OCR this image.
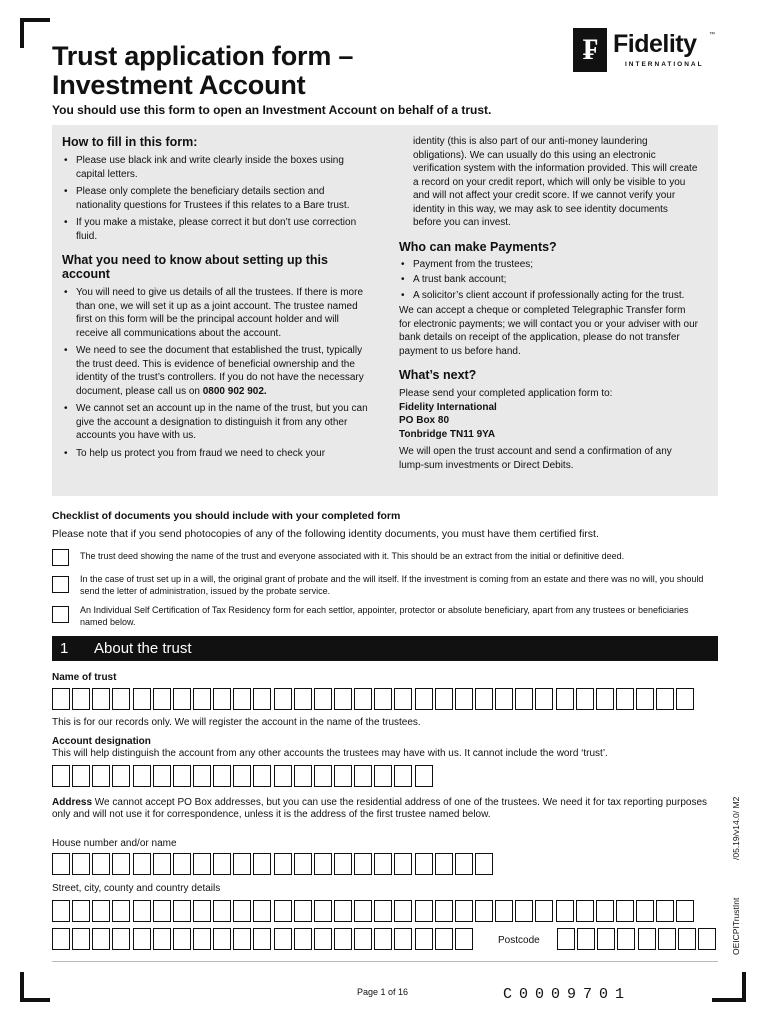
Trust application form –
Investment Account
You should use this form to open an Investment Account on behalf of a trust.
₣ Fidelity ™
INTERNATIONAL
How to fill in this form:
• Please use black ink and write clearly inside the boxes using capital letters.
• Please only complete the beneficiary details section and nationality questions for Trustees if this relates to a Bare trust.
• If you make a mistake, please correct it but don’t use correction fluid.
What you need to know about setting up this account
• You will need to give us details of all the trustees. If there is more than one, we will set it up as a joint account. The trustee named first on this form will be the principal account holder and will receive all communications about the account.
• We need to see the document that established the trust, typically the trust deed. This is evidence of beneficial ownership and the identity of the trust’s controllers. If you do not have the necessary document, please call us on 0800 902 902.
• We cannot set an account up in the name of the trust, but you can give the account a designation to distinguish it from any other accounts you have with us.
• To help us protect you from fraud we need to check your

identity (this is also part of our anti-money laundering obligations). We can usually do this using an electronic verification system with the information provided. This will create a record on your credit report, which will only be visible to you and will not affect your credit score. If we cannot verify your identity in this way, we may ask to see identity documents before you can invest.

Who can make Payments?
• Payment from the trustees;
• A trust bank account;
• A solicitor’s client account if professionally acting for the trust.

We can accept a cheque or completed Telegraphic Transfer form for electronic payments; we will contact you or your adviser with our bank details on receipt of the application, please do not transfer payment to us before hand.

What’s next?

Please send your completed application form to:

Fidelity International

PO Box 80

Tonbridge TN11 9YA

We will open the trust account and send a confirmation of any lump-sum investments or Direct Debits.

Checklist of documents you should include with your completed form
Please note that if you send photocopies of any of the following identity documents, you must have them certified first.
The trust deed showing the name of the trust and everyone associated with it. This should be an extract from the initial or definitive deed.
In the case of trust set up in a will, the original grant of probate and the will itself. If the investment is coming from an estate and there was no will, you should send the letter of administration, issued by the probate service.
An Individual Self Certification of Tax Residency form for each settlor, appointer, protector or absolute beneficiary, apart from any trustees or beneficiaries named below.
1 About the trust
Name of trust
This is for our records only. We will register the account in the name of the trustees.
Account designation
This will help distinguish the account from any other accounts the trustees may have with us. It cannot include the word ‘trust’.
Address We cannot accept PO Box addresses, but you can use the residential address of one of the trustees. We need it for tax reporting purposes only and will not use it for correspondence, unless it is the address of the first trustee named below.
House number and/or name
Street, city, county and country details
Postcode
/05.19/v14.0/ M2
OEICPITrustInt
Page 1 of 16	C0009701
